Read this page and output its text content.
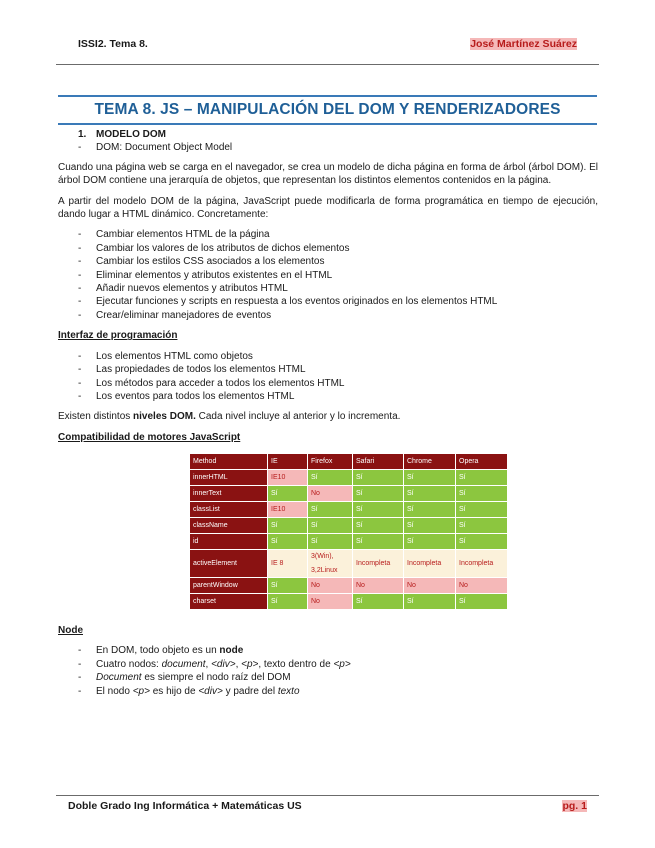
ISSI2. Tema 8.	José Martínez Suárez
TEMA 8. JS – MANIPULACIÓN DEL DOM Y RENDERIZADORES
1. MODELO DOM
- DOM: Document Object Model

Cuando una página web se carga en el navegador, se crea un modelo de dicha página en forma de árbol (árbol DOM). El árbol DOM contiene una jerarquía de objetos, que representan los distintos elementos contenidos en la página.

A partir del modelo DOM de la página, JavaScript puede modificarla de forma programática en tiempo de ejecución, dando lugar a HTML dinámico. Concretamente:

- Cambiar elementos HTML de la página
- Cambiar los valores de los atributos de dichos elementos
- Cambiar los estilos CSS asociados a los elementos
- Eliminar elementos y atributos existentes en el HTML
- Añadir nuevos elementos y atributos HTML
- Ejecutar funciones y scripts en respuesta a los eventos originados en los elementos HTML
- Crear/eliminar manejadores de eventos
Interfaz de programación
- Los elementos HTML como objetos
- Las propiedades de todos los elementos HTML
- Los métodos para acceder a todos los elementos HTML
- Los eventos para todos los elementos HTML

Existen distintos niveles DOM. Cada nivel incluye al anterior y lo incrementa.

Compatibilidad de motores JavaScript
Method	IE	Firefox	Safari	Chrome	Opera
innerHTML	IE10	Sí	Sí	Sí	Sí
innerText	Sí	No	Sí	Sí	Sí
classList	IE10	Sí	Sí	Sí	Sí
className	Sí	Sí	Sí	Sí	Sí
id	Sí	Sí	Sí	Sí	Sí
activeElement	IE 8	3(Win), 3,2Linux	Incompleta	Incompleta	Incompleta
parentWindow	Sí	No	No	No	No
charset	Sí	No	Sí	Sí	Sí
Node
- En DOM, todo objeto es un node
- Cuatro nodos: document, <div>, <p>, texto dentro de <p>
- Document es siempre el nodo raíz del DOM
- El nodo <p> es hijo de <div> y padre del texto
Doble Grado Ing Informática + Matemáticas US	pg. 1
